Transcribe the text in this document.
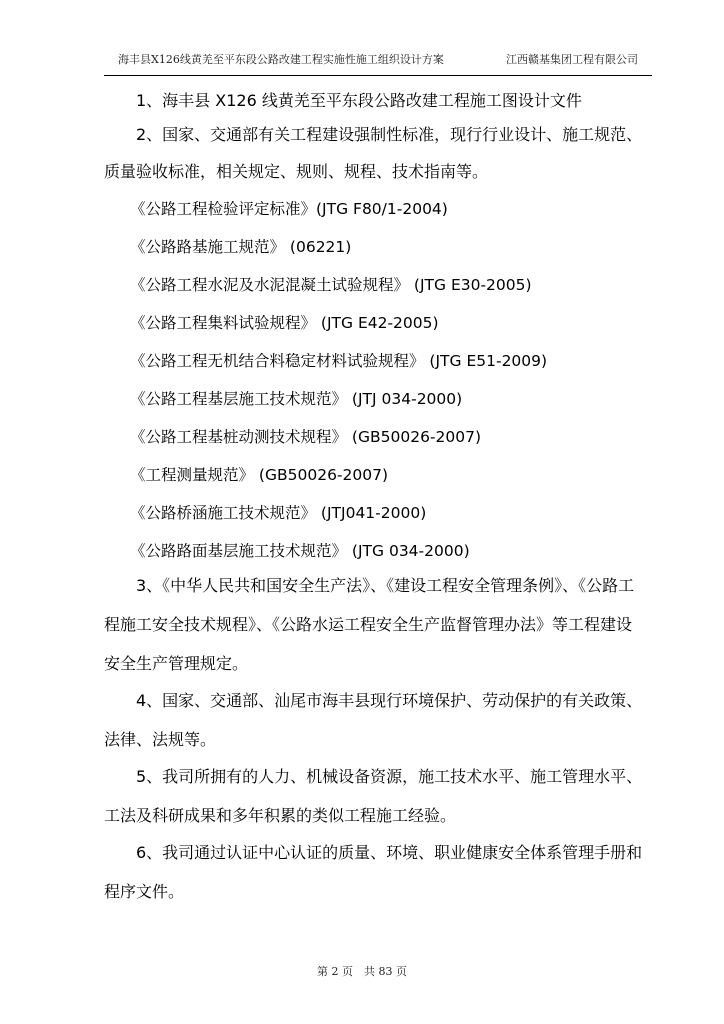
海丰县X126线黄羌至平东段公路改建工程实施性施工组织设计方案	江西赣基集团工程有限公司
1、海丰县 X126 线黄羌至平东段公路改建工程施工图设计文件
2、国家、交通部有关工程建设强制性标准，现行行业设计、施工规范、
质量验收标准，相关规定、规则、规程、技术指南等。
《公路工程检验评定标准》(JTG F80/1-2004)
《公路路基施工规范》 (06221)
《公路工程水泥及水泥混凝土试验规程》 (JTG E30-2005)
《公路工程集料试验规程》 (JTG E42-2005)
《公路工程无机结合料稳定材料试验规程》 (JTG E51-2009)
《公路工程基层施工技术规范》 (JTJ 034-2000)
《公路工程基桩动测技术规程》 (GB50026-2007)
《工程测量规范》 (GB50026-2007)
《公路桥涵施工技术规范》 (JTJ041-2000)
《公路路面基层施工技术规范》 (JTG 034-2000)
3、《中华人民共和国安全生产法》、《建设工程安全管理条例》、《公路工
程施工安全技术规程》、《公路水运工程安全生产监督管理办法》等工程建设
安全生产管理规定。
4、国家、交通部、汕尾市海丰县现行环境保护、劳动保护的有关政策、
法律、法规等。
5、我司所拥有的人力、机械设备资源，施工技术水平、施工管理水平、
工法及科研成果和多年积累的类似工程施工经验。
6、我司通过认证中心认证的质量、环境、职业健康安全体系管理手册和
程序文件。
第 2 页　共 83 页
